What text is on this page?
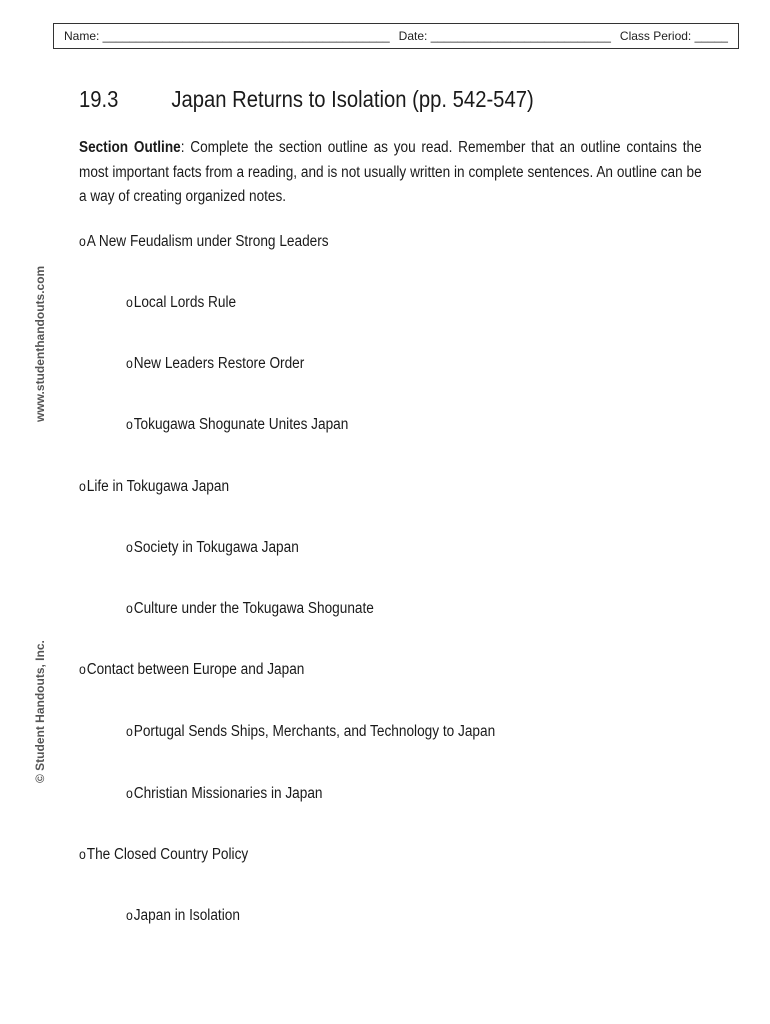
Name: ___________________________________________ Date: ___________________________ Class Period: _____
19.3 Japan Returns to Isolation (pp. 542-547)
Section Outline: Complete the section outline as you read. Remember that an outline contains the most important facts from a reading, and is not usually written in complete sentences. An outline can be a way of creating organized notes.
oA New Feudalism under Strong Leaders
oLocal Lords Rule
oNew Leaders Restore Order
oTokugawa Shogunate Unites Japan
oLife in Tokugawa Japan
oSociety in Tokugawa Japan
oCulture under the Tokugawa Shogunate
oContact between Europe and Japan
oPortugal Sends Ships, Merchants, and Technology to Japan
oChristian Missionaries in Japan
oThe Closed Country Policy
oJapan in Isolation
www.studenthandouts.com
© Student Handouts, Inc.
